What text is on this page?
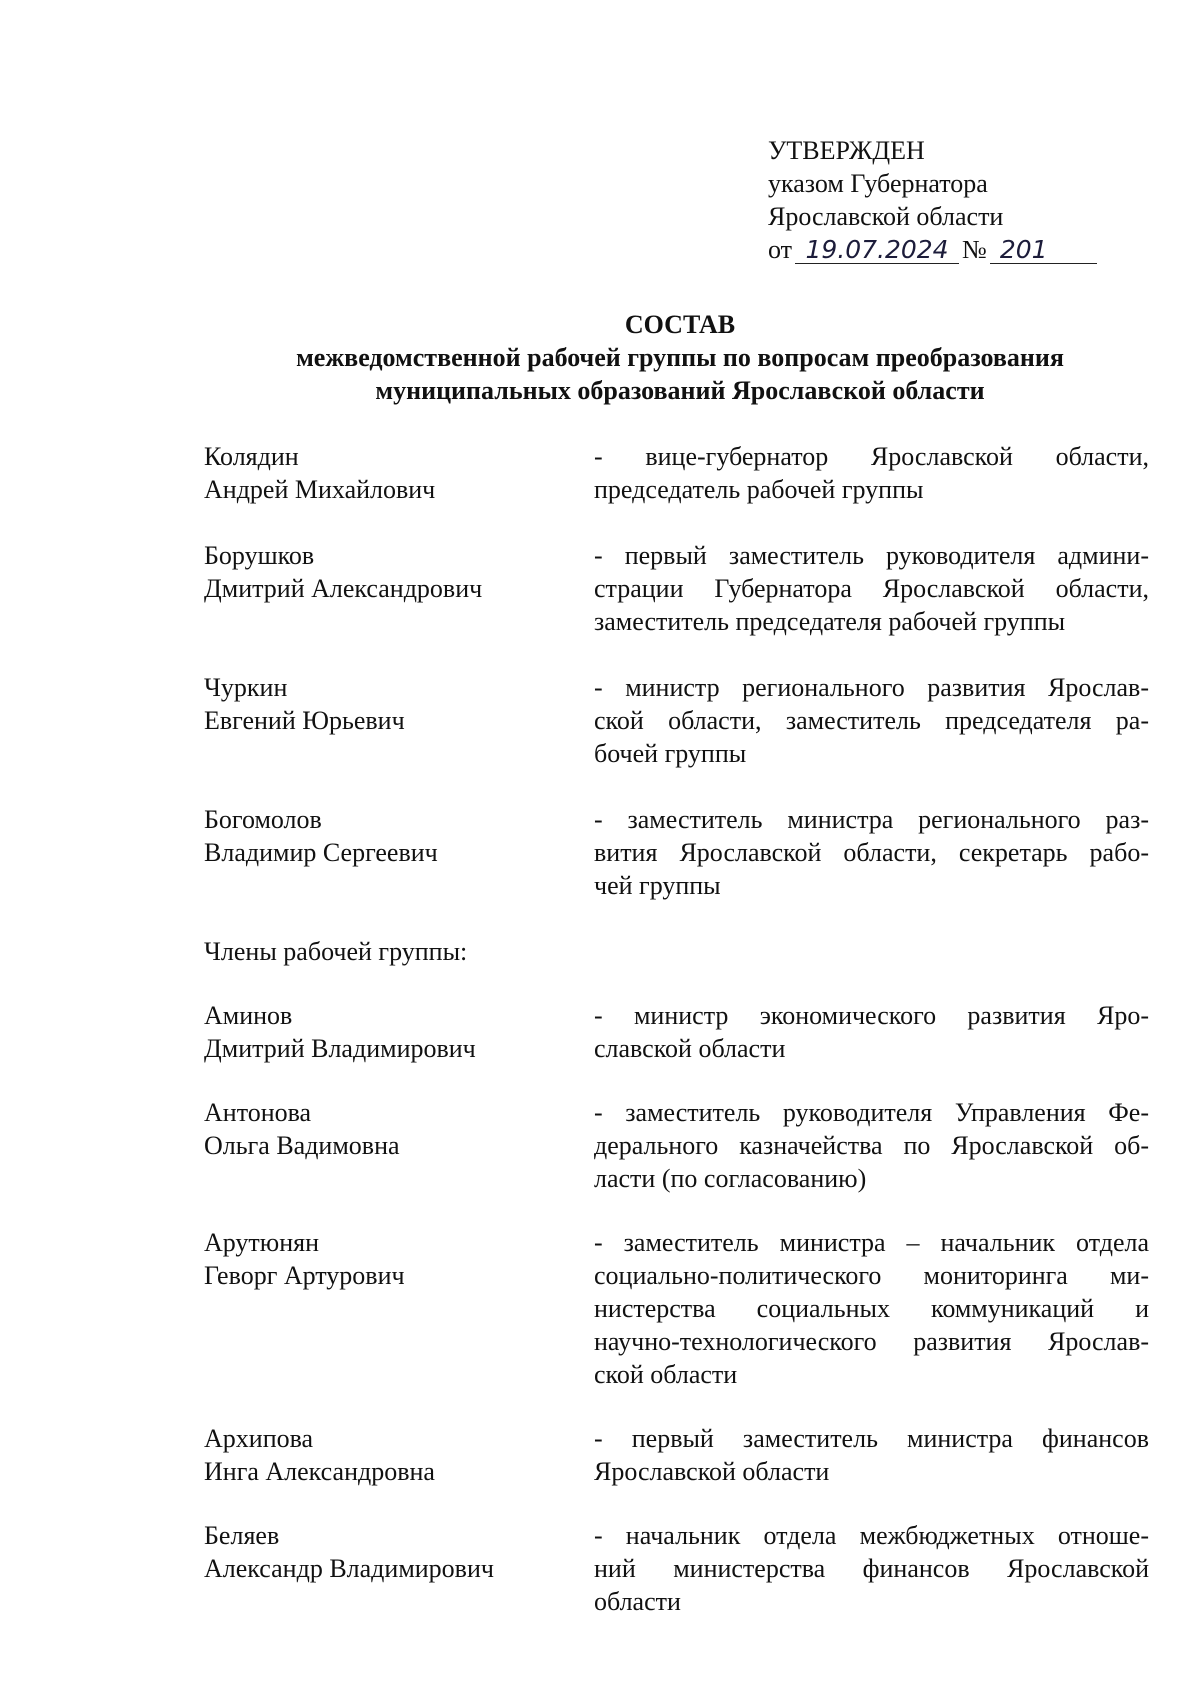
УТВЕРЖДЕН
указом Губернатора
Ярославской области
от 19.07.2024 № 201
СОСТАВ
межведомственной рабочей группы по вопросам преобразования
муниципальных образований Ярославской области
Колядин
Андрей Михайлович
- вице-губернатор Ярославской области,
председатель рабочей группы
Борушков
Дмитрий Александрович
- первый заместитель руководителя админи-
страции Губернатора Ярославской области,
заместитель председателя рабочей группы
Чуркин
Евгений Юрьевич
- министр регионального развития Ярослав-
ской области, заместитель председателя ра-
бочей группы
Богомолов
Владимир Сергеевич
- заместитель министра регионального раз-
вития Ярославской области, секретарь рабо-
чей группы
Члены рабочей группы:
Аминов
Дмитрий Владимирович
- министр экономического развития Яро-
славской области
Антонова
Ольга Вадимовна
- заместитель руководителя Управления Фе-
дерального казначейства по Ярославской об-
ласти (по согласованию)
Арутюнян
Геворг Артурович
- заместитель министра – начальник отдела
социально-политического мониторинга ми-
нистерства социальных коммуникаций и
научно-технологического развития Ярослав-
ской области
Архипова
Инга Александровна
- первый заместитель министра финансов
Ярославской области
Беляев
Александр Владимирович
- начальник отдела межбюджетных отноше-
ний министерства финансов Ярославской
области
